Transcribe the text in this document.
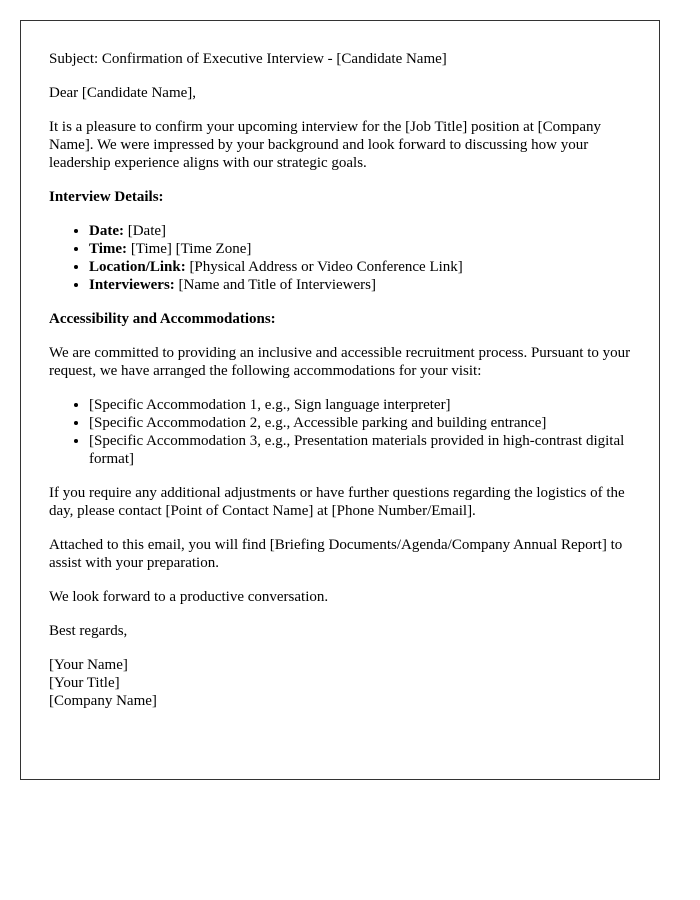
Subject: Confirmation of Executive Interview - [Candidate Name]

Dear [Candidate Name],

It is a pleasure to confirm your upcoming interview for the [Job Title] position at [Company Name]. We were impressed by your background and look forward to discussing how your leadership experience aligns with our strategic goals.

Interview Details:

• Date: [Date]
• Time: [Time] [Time Zone]
• Location/Link: [Physical Address or Video Conference Link]
• Interviewers: [Name and Title of Interviewers]

Accessibility and Accommodations:

We are committed to providing an inclusive and accessible recruitment process. Pursuant to your request, we have arranged the following accommodations for your visit:

• [Specific Accommodation 1, e.g., Sign language interpreter]
• [Specific Accommodation 2, e.g., Accessible parking and building entrance]
• [Specific Accommodation 3, e.g., Presentation materials provided in high-contrast digital format]

If you require any additional adjustments or have further questions regarding the logistics of the day, please contact [Point of Contact Name] at [Phone Number/Email].

Attached to this email, you will find [Briefing Documents/Agenda/Company Annual Report] to assist with your preparation.

We look forward to a productive conversation.

Best regards,

[Your Name]
[Your Title]
[Company Name]
